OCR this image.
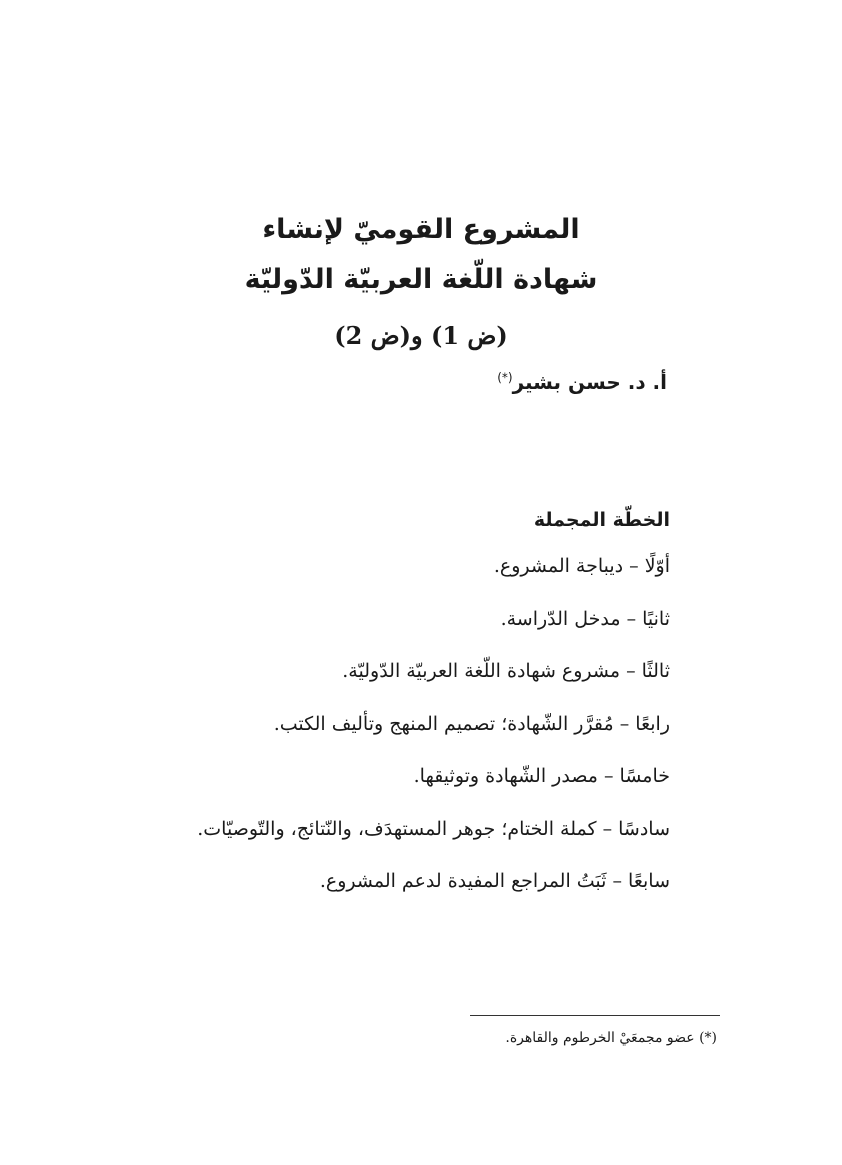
المشروع القوميّ لإنشاء
شهادة اللّغة العربيّة الدّوليّة
(ض 1) و(ض 2)
أ. د. حسن بشير(*)
الخطّة المجملة
أوّلًا – ديباجة المشروع.
ثانيًا – مدخل الدّراسة.
ثالثًا – مشروع شهادة اللّغة العربيّة الدّوليّة.
رابعًا – مُقرَّر الشّهادة؛ تصميم المنهج وتأليف الكتب.
خامسًا – مصدر الشّهادة وتوثيقها.
سادسًا – كملة الختام؛ جوهر المستهدَف، والنّتائج، والتّوصيّات.
سابعًا – ثَبَتُ المراجع المفيدة لدعم المشروع.
(*) عضو مجمعَيْ الخرطوم والقاهرة.
